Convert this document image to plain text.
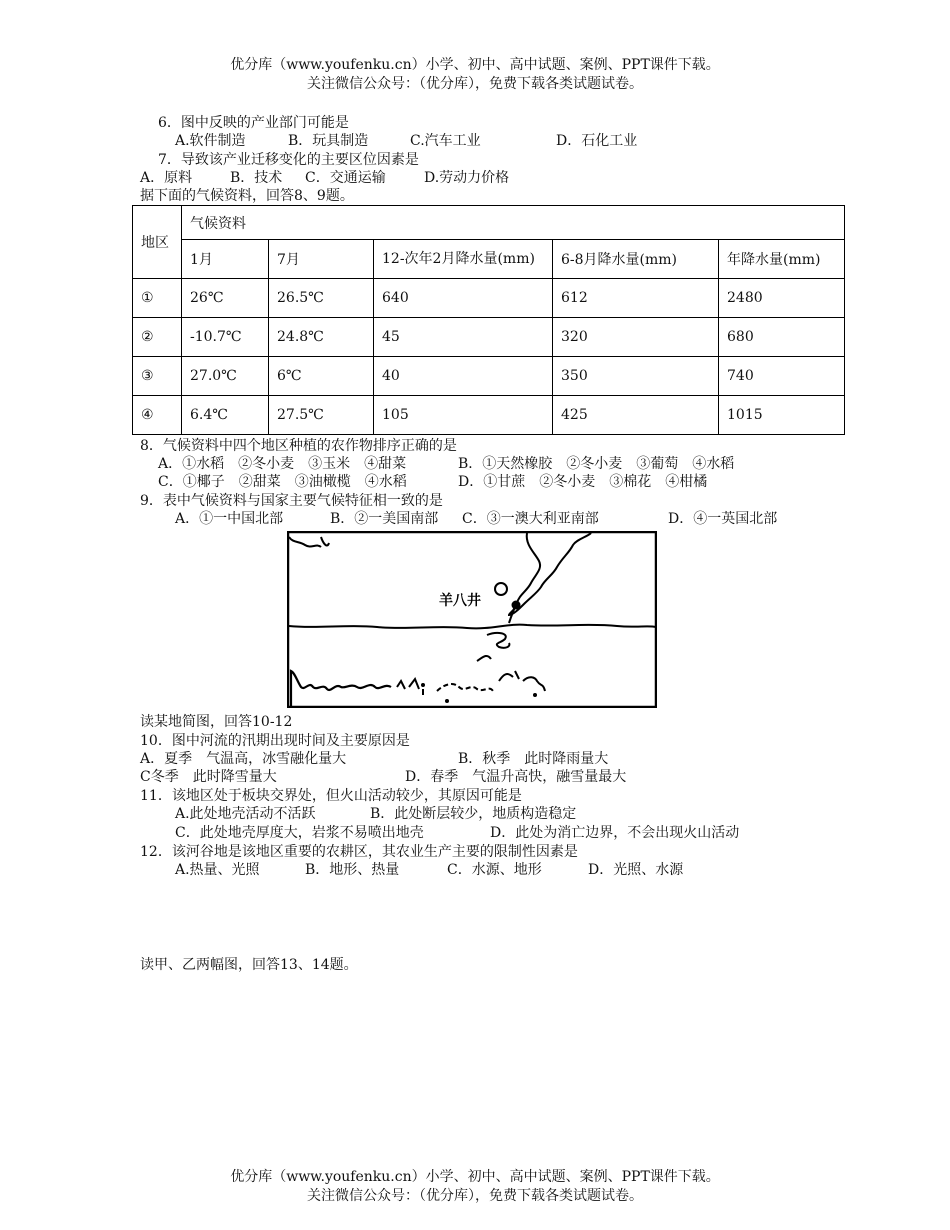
优分库（www.youfenku.cn）小学、初中、高中试题、案例、PPT课件下载。
关注微信公众号：（优分库），免费下载各类试题试卷。
6．图中反映的产业部门可能是
A.软件制造	B．玩具制造	C.汽车工业	D．石化工业
7．导致该产业迁移变化的主要区位因素是
A．原料	B．技术 C．交通运输	D.劳动力价格
据下面的气候资料，回答8、9题。
地区	气候资料				
	1月	7月	12-次年2月降水量(mm)	6-8月降水量(mm)	年降水量(mm)
①	26℃	26.5℃	640	612	2480
②	-10.7℃	24.8℃	45	320	680
③	27.0℃	6℃	40	350	740
④	6.4℃	27.5℃	105	425	1015
8．气候资料中四个地区种植的农作物排序正确的是
A．①水稻　②冬小麦　③玉米　④甜菜	B．①天然橡胶　②冬小麦　③葡萄　④水稻
C．①椰子　②甜菜　③油橄榄　④水稻	D．①甘蔗　②冬小麦　③棉花　④柑橘
9．表中气候资料与国家主要气候特征相一致的是
A．①一中国北部	B．②一美国南部 C．③一澳大利亚南部	D．④一英国北部
羊八井
读某地简图，回答10-12
10．图中河流的汛期出现时间及主要原因是
A．夏季　气温高，冰雪融化量大	B．秋季　此时降雨量大
C冬季　此时降雪量大	D．春季　气温升高快，融雪量最大
11．该地区处于板块交界处，但火山活动较少，其原因可能是
A.此处地壳活动不活跃	B．此处断层较少，地质构造稳定
C．此处地壳厚度大，岩浆不易喷出地壳	D．此处为消亡边界，不会出现火山活动
12．该河谷地是该地区重要的农耕区，其农业生产主要的限制性因素是
A.热量、光照	B．地形、热量	C．水源、地形	D．光照、水源
读甲、乙两幅图，回答13、14题。
优分库（www.youfenku.cn）小学、初中、高中试题、案例、PPT课件下载。
关注微信公众号：（优分库），免费下载各类试题试卷。
